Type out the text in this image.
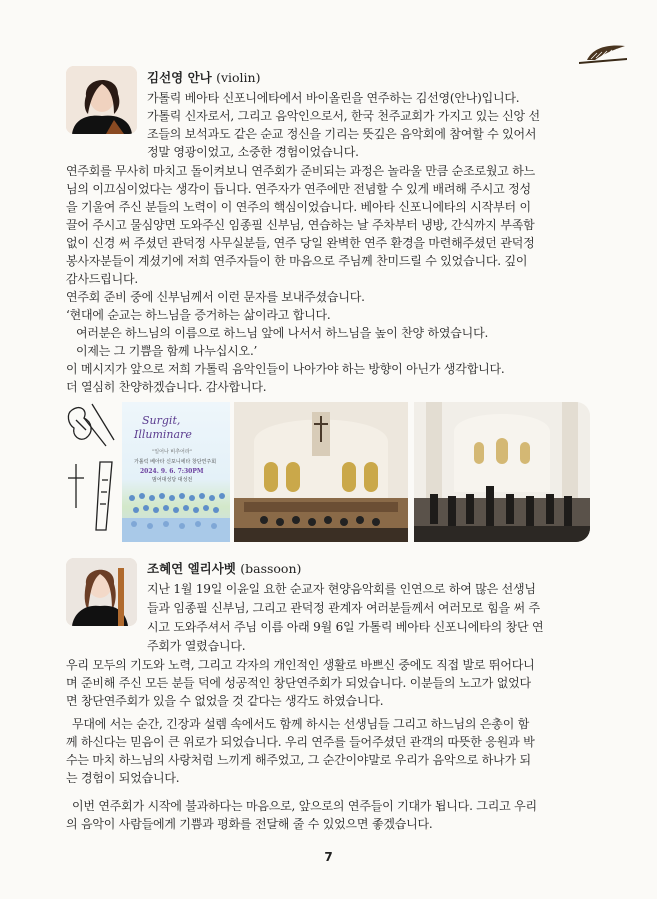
김선영 안나 (violin)

가톨릭 베아타 신포니에타에서 바이올린을 연주하는 김선영(안나)입니다.

가톨릭 신자로서, 그리고 음악인으로서, 한국 천주교회가 가지고 있는 신앙 선

조들의 보석과도 같은 순교 정신을 기리는 뜻깊은 음악회에 참여할 수 있어서

정말 영광이었고, 소중한 경험이었습니다.

연주회를 무사히 마치고 돌이켜보니 연주회가 준비되는 과정은 놀라울 만큼 순조로웠고 하느

님의 이끄심이었다는 생각이 듭니다. 연주자가 연주에만 전념할 수 있게 배려해 주시고 정성

을 기울여 주신 분들의 노력이 이 연주의 핵심이었습니다. 베아타 신포니에타의 시작부터 이

끌어 주시고 물심양면 도와주신 임종필 신부님, 연습하는 날 주차부터 냉방, 간식까지 부족함

없이 신경 써 주셨던 관덕정 사무실분들, 연주 당일 완벽한 연주 환경을 마련해주셨던 관덕정

봉사자분들이 계셨기에 저희 연주자들이 한 마음으로 주님께 찬미드릴 수 있었습니다. 깊이

감사드립니다.

연주회 준비 중에 신부님께서 이런 문자를 보내주셨습니다.

‘현대에 순교는 하느님을 증거하는 삶이라고 합니다.

여러분은 하느님의 이름으로 하느님 앞에 나서서 하느님을 높이 찬양 하였습니다.

이제는 그 기쁨을 함께 나누십시오.’

이 메시지가 앞으로 저희 가톨릭 음악인들이 나아가야 하는 방향이 아닌가 생각합니다.

더 열심히 찬양하겠습니다. 감사합니다.

Surgit,
Illuminare
"일어나 비추어라"
가톨릭 베아타 신포니에타 창단연주회
2024. 9. 6. 7:30PM
범어대성당 대성전
조혜연 엘리사벳 (bassoon)

지난 1월 19일 이윤일 요한 순교자 현양음악회를 인연으로 하여 많은 선생님

들과 임종필 신부님, 그리고 관덕정 관계자 여러분들께서 여러모로 힘을 써 주

시고 도와주셔서 주님 이름 아래 9월 6일 가톨릭 베아타 신포니에타의 창단 연

주회가 열렸습니다.

우리 모두의 기도와 노력, 그리고 각자의 개인적인 생활로 바쁘신 중에도 직접 발로 뛰어다니

며 준비해 주신 모든 분들 덕에 성공적인 창단연주회가 되었습니다. 이분들의 노고가 없었다

면 창단연주회가 있을 수 없었을 것 같다는 생각도 하였습니다.

무대에 서는 순간, 긴장과 설렘 속에서도 함께 하시는 선생님들 그리고 하느님의 은총이 함

께 하신다는 믿음이 큰 위로가 되었습니다. 우리 연주를 들어주셨던 관객의 따뜻한 응원과 박

수는 마치 하느님의 사랑처럼 느끼게 해주었고, 그 순간이야말로 우리가 음악으로 하나가 되

는 경험이 되었습니다.

이번 연주회가 시작에 불과하다는 마음으로, 앞으로의 연주들이 기대가 됩니다. 그리고 우리

의 음악이 사람들에게 기쁨과 평화를 전달해 줄 수 있었으면 좋겠습니다.

7
